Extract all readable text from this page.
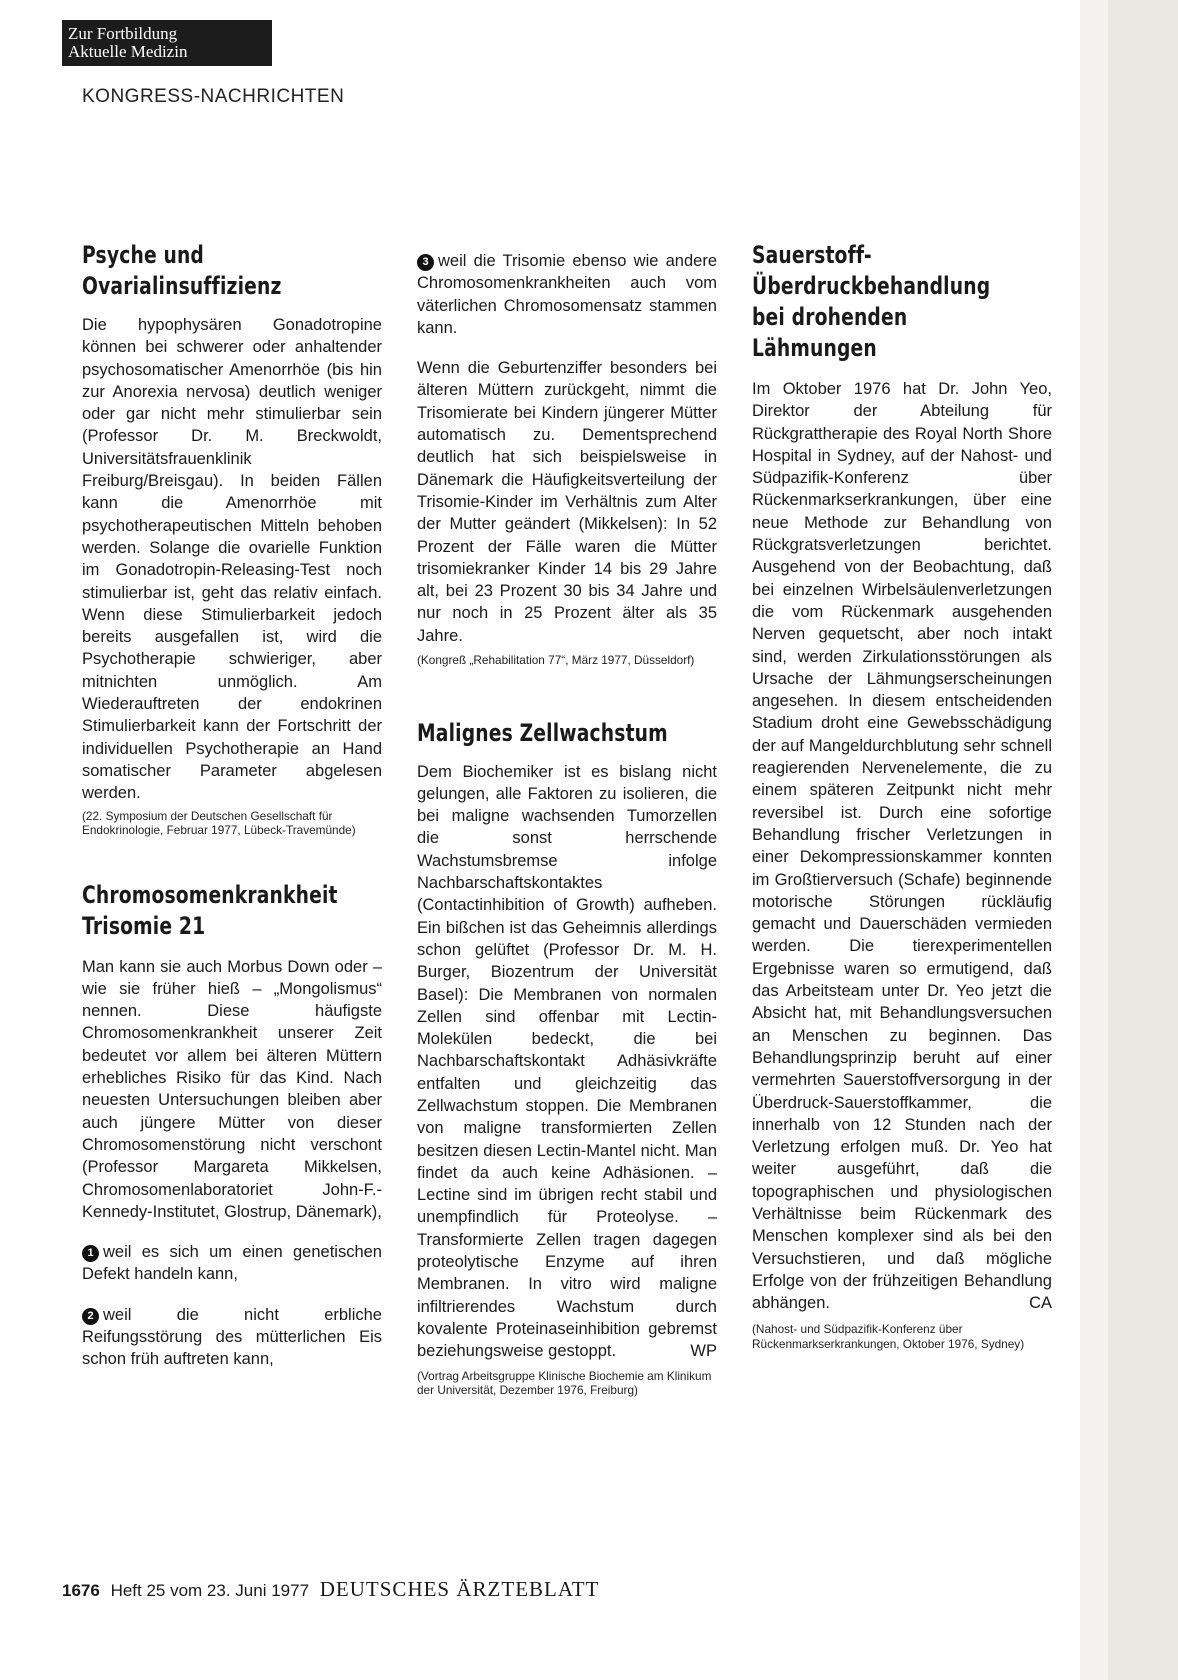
Zur Fortbildung
Aktuelle Medizin
KONGRESS-NACHRICHTEN
Psyche und
Ovarialinsuffizienz

Die hypophysären Gonadotropine können bei schwerer oder anhaltender psychosomatischer Amenorrhöe (bis hin zur Anorexia nervosa) deutlich weniger oder gar nicht mehr stimulierbar sein (Professor Dr. M. Breckwoldt, Universitätsfrauenklinik Freiburg/Breisgau). In beiden Fällen kann die Amenorrhöe mit psychotherapeutischen Mitteln behoben werden. Solange die ovarielle Funktion im Gonadotropin-Releasing-Test noch stimulierbar ist, geht das relativ einfach. Wenn diese Stimulierbarkeit jedoch bereits ausgefallen ist, wird die Psychotherapie schwieriger, aber mitnichten unmöglich. Am Wiederauftreten der endokrinen Stimulierbarkeit kann der Fortschritt der individuellen Psychotherapie an Hand somatischer Parameter abgelesen werden.

(22. Symposium der Deutschen Gesellschaft für Endokrinologie, Februar 1977, Lübeck-Travemünde)

Chromosomenkrankheit
Trisomie 21

Man kann sie auch Morbus Down oder – wie sie früher hieß – „Mongolismus“ nennen. Diese häufigste Chromosomenkrankheit unserer Zeit bedeutet vor allem bei älteren Müttern erhebliches Risiko für das Kind. Nach neuesten Untersuchungen bleiben aber auch jüngere Mütter von dieser Chromosomenstörung nicht verschont (Professor Margareta Mikkelsen, Chromosomenlaboratoriet John-F.-Kennedy-Institutet, Glostrup, Dänemark),

1 weil es sich um einen genetischen Defekt handeln kann,

2 weil die nicht erbliche Reifungsstörung des mütterlichen Eis schon früh auftreten kann,

3 weil die Trisomie ebenso wie andere Chromosomenkrankheiten auch vom väterlichen Chromosomensatz stammen kann.

Wenn die Geburtenziffer besonders bei älteren Müttern zurückgeht, nimmt die Trisomierate bei Kindern jüngerer Mütter automatisch zu. Dementsprechend deutlich hat sich beispielsweise in Dänemark die Häufigkeitsverteilung der Trisomie-Kinder im Verhältnis zum Alter der Mutter geändert (Mikkelsen): In 52 Prozent der Fälle waren die Mütter trisomiekranker Kinder 14 bis 29 Jahre alt, bei 23 Prozent 30 bis 34 Jahre und nur noch in 25 Prozent älter als 35 Jahre.

(Kongreß „Rehabilitation 77“, März 1977, Düsseldorf)

Malignes Zellwachstum

Dem Biochemiker ist es bislang nicht gelungen, alle Faktoren zu isolieren, die bei maligne wachsenden Tumorzellen die sonst herrschende Wachstumsbremse infolge Nachbarschaftskontaktes (Contactinhibition of Growth) aufheben. Ein bißchen ist das Geheimnis allerdings schon gelüftet (Professor Dr. M. H. Burger, Biozentrum der Universität Basel): Die Membranen von normalen Zellen sind offenbar mit Lectin-Molekülen bedeckt, die bei Nachbarschaftskontakt Adhäsivkräfte entfalten und gleichzeitig das Zellwachstum stoppen. Die Membranen von maligne transformierten Zellen besitzen diesen Lectin-Mantel nicht. Man findet da auch keine Adhäsionen. – Lectine sind im übrigen recht stabil und unempfindlich für Proteolyse. – Transformierte Zellen tragen dagegen proteolytische Enzyme auf ihren Membranen. In vitro wird maligne infiltrierendes Wachstum durch kovalente Proteinaseinhibition gebremst beziehungsweise gestoppt.	WP

(Vortrag Arbeitsgruppe Klinische Biochemie am Klinikum der Universität, Dezember 1976, Freiburg)

Sauerstoff-
Überdruckbehandlung
bei drohenden
Lähmungen

Im Oktober 1976 hat Dr. John Yeo, Direktor der Abteilung für Rückgrattherapie des Royal North Shore Hospital in Sydney, auf der Nahost- und Südpazifik-Konferenz über Rückenmarkserkrankungen, über eine neue Methode zur Behandlung von Rückgratsverletzungen berichtet. Ausgehend von der Beobachtung, daß bei einzelnen Wirbelsäulenverletzungen die vom Rückenmark ausgehenden Nerven gequetscht, aber noch intakt sind, werden Zirkulationsstörungen als Ursache der Lähmungserscheinungen angesehen. In diesem entscheidenden Stadium droht eine Gewebsschädigung der auf Mangeldurchblutung sehr schnell reagierenden Nervenelemente, die zu einem späteren Zeitpunkt nicht mehr reversibel ist. Durch eine sofortige Behandlung frischer Verletzungen in einer Dekompressionskammer konnten im Großtierversuch (Schafe) beginnende motorische Störungen rückläufig gemacht und Dauerschäden vermieden werden. Die tierexperimentellen Ergebnisse waren so ermutigend, daß das Arbeitsteam unter Dr. Yeo jetzt die Absicht hat, mit Behandlungsversuchen an Menschen zu beginnen. Das Behandlungsprinzip beruht auf einer vermehrten Sauerstoffversorgung in der Überdruck-Sauerstoffkammer, die innerhalb von 12 Stunden nach der Verletzung erfolgen muß. Dr. Yeo hat weiter ausgeführt, daß die topographischen und physiologischen Verhältnisse beim Rückenmark des Menschen komplexer sind als bei den Versuchstieren, und daß mögliche Erfolge von der frühzeitigen Behandlung abhängen.	CA

(Nahost- und Südpazifik-Konferenz über Rückenmarkserkrankungen, Oktober 1976, Sydney)

1676 Heft 25 vom 23. Juni 1977 DEUTSCHES ÄRZTEBLATT
